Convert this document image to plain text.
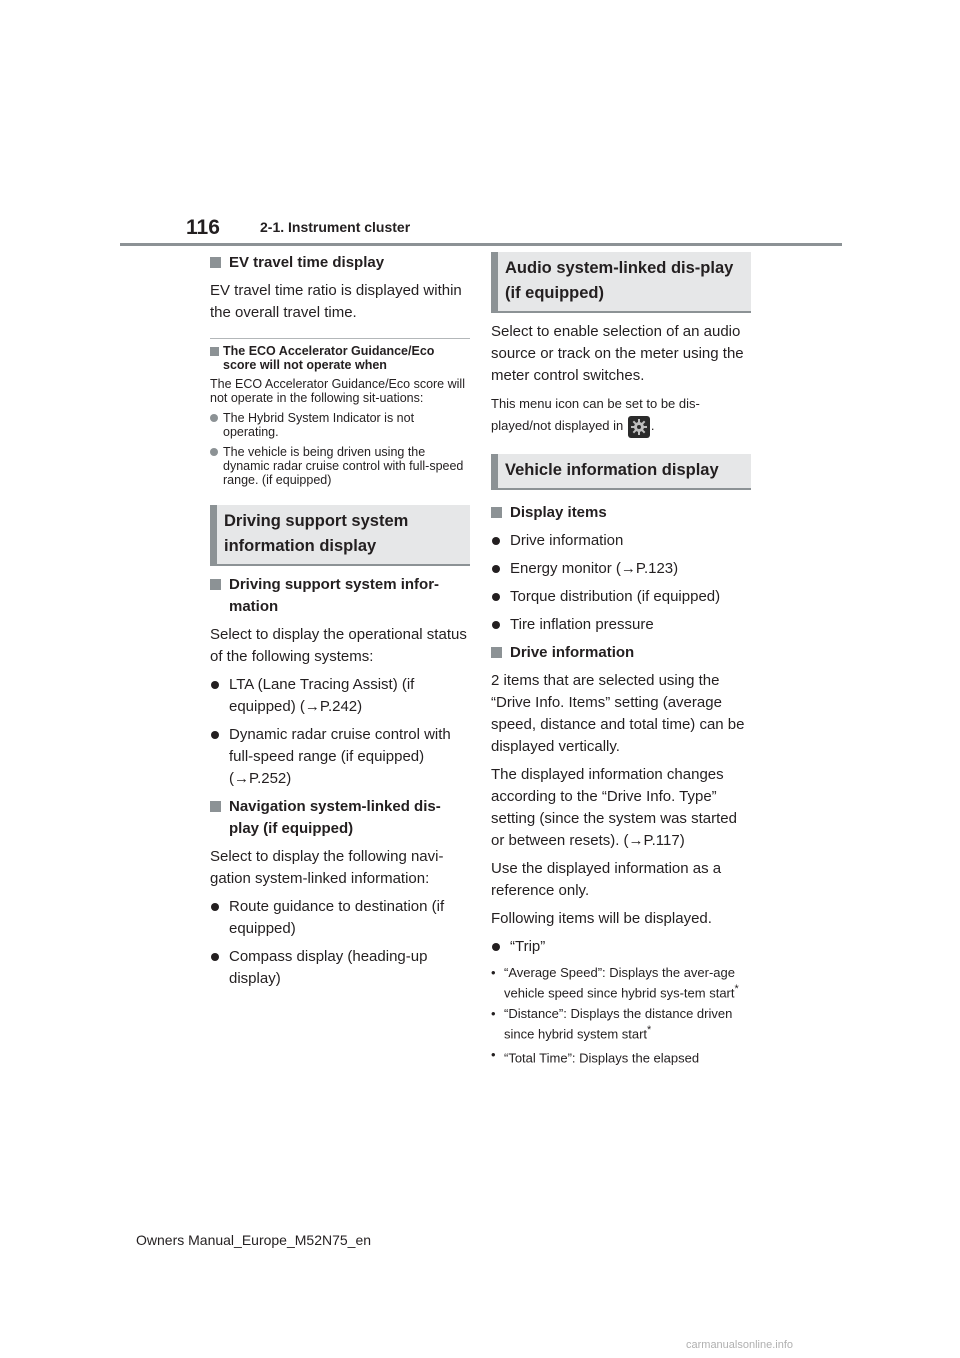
116	2-1. Instrument cluster
EV travel time display

EV travel time ratio is displayed within the overall travel time.

The ECO Accelerator Guidance/Eco score will not operate when

The ECO Accelerator Guidance/Eco score will not operate in the following sit-uations:

The Hybrid System Indicator is not operating.
The vehicle is being driven using the dynamic radar cruise control with full-speed range. (if equipped)
Driving support system information display
Driving support system infor-mation

Select to display the operational status of the following systems:

LTA (Lane Tracing Assist) (if equipped) (→P.242)
Dynamic radar cruise control with full-speed range (if equipped) (→P.252)
Navigation system-linked dis-play (if equipped)

Select to display the following navi-gation system-linked information:

Route guidance to destination (if equipped)
Compass display (heading-up display)
Audio system-linked dis-play (if equipped)

Select to enable selection of an audio source or track on the meter using the meter control switches.

This menu icon can be set to be dis-played/not displayed in .

Vehicle information display
Display items
Drive information
Energy monitor (→P.123)
Torque distribution (if equipped)
Tire inflation pressure
Drive information

2 items that are selected using the “Drive Info. Items” setting (average speed, distance and total time) can be displayed vertically.

The displayed information changes according to the “Drive Info. Type” setting (since the system was started or between resets). (→P.117)

Use the displayed information as a reference only.

Following items will be displayed.

“Trip”
• “Average Speed”: Displays the aver-age vehicle speed since hybrid sys-tem start*
• “Distance”: Displays the distance driven since hybrid system start*
• “Total Time”: Displays the elapsed
Owners Manual_Europe_M52N75_en
carmanualsonline.info
